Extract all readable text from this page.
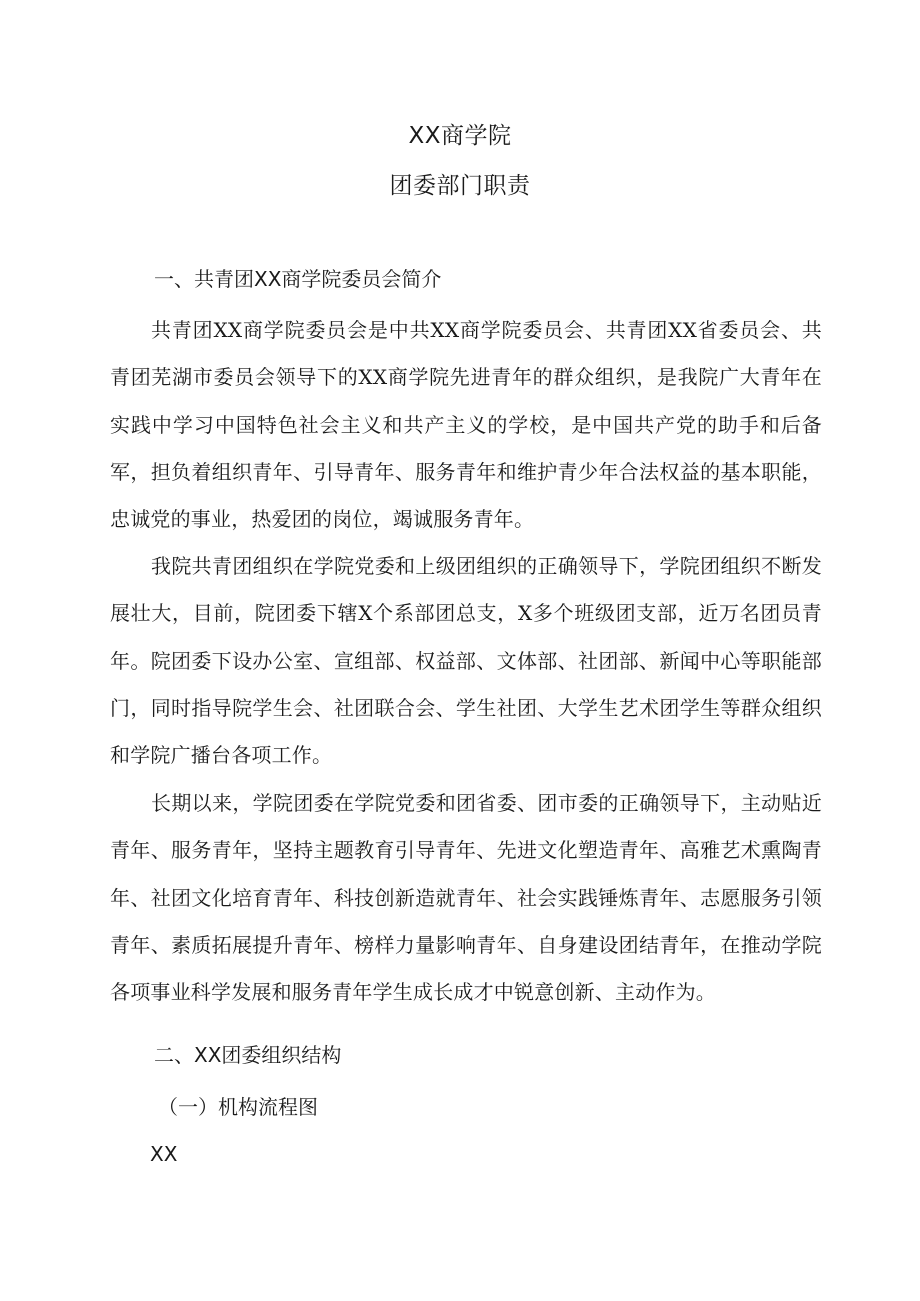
XX商学院
团委部门职责
一、共青团XX商学院委员会简介
共青团XX商学院委员会是中共XX商学院委员会、共青团XX省委员会、共青团芜湖市委员会领导下的XX商学院先进青年的群众组织，是我院广大青年在实践中学习中国特色社会主义和共产主义的学校，是中国共产党的助手和后备军，担负着组织青年、引导青年、服务青年和维护青少年合法权益的基本职能，忠诚党的事业，热爱团的岗位，竭诚服务青年。
我院共青团组织在学院党委和上级团组织的正确领导下，学院团组织不断发展壮大，目前，院团委下辖X个系部团总支，X多个班级团支部，近万名团员青年。院团委下设办公室、宣组部、权益部、文体部、社团部、新闻中心等职能部门，同时指导院学生会、社团联合会、学生社团、大学生艺术团学生等群众组织和学院广播台各项工作。
长期以来，学院团委在学院党委和团省委、团市委的正确领导下，主动贴近青年、服务青年，坚持主题教育引导青年、先进文化塑造青年、高雅艺术熏陶青年、社团文化培育青年、科技创新造就青年、社会实践锤炼青年、志愿服务引领青年、素质拓展提升青年、榜样力量影响青年、自身建设团结青年，在推动学院各项事业科学发展和服务青年学生成长成才中锐意创新、主动作为。
二、XX团委组织结构
（一）机构流程图
XX
